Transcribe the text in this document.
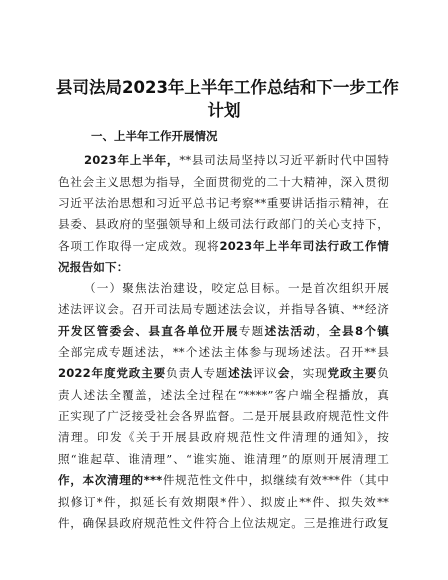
县司法局2023年上半年工作总结和下一步工作
计划
一、上半年工作开展情况
2023年上半年，**县司法局坚持以习近平新时代中国特
色社会主义思想为指导，全面贯彻党的二十大精神，深入贯彻
习近平法治思想和习近平总书记考察**重要讲话指示精神，在
县委、县政府的坚强领导和上级司法行政部门的关心支持下，
各项工作取得一定成效。现将2023年上半年司法行政工作情
况报告如下：
（一）聚焦法治建设，咬定总目标。一是首次组织开展
述法评议会。召开司法局专题述法会议，并指导各镇、**经济
开发区管委会、县直各单位开展专题述法活动，全县8个镇
全部完成专题述法，**个述法主体参与现场述法。召开**县
2022年度党政主要负责人专题述法评议会，实现党政主要负
责人述法全覆盖，述法全过程在“****”客户端全程播放，真
正实现了广泛接受社会各界监督。二是开展县政府规范性文件
清理。印发《关于开展县政府规范性文件清理的通知》，按
照“谁起草、谁清理”、“谁实施、谁清理”的原则开展清理工
作，本次清理的***件规范性文件中，拟继续有效***件（其中
拟修订*件，拟延长有效期限*件）、拟废止**件、拟失效**
件，确保县政府规范性文件符合上位法规定。三是推进行政复
